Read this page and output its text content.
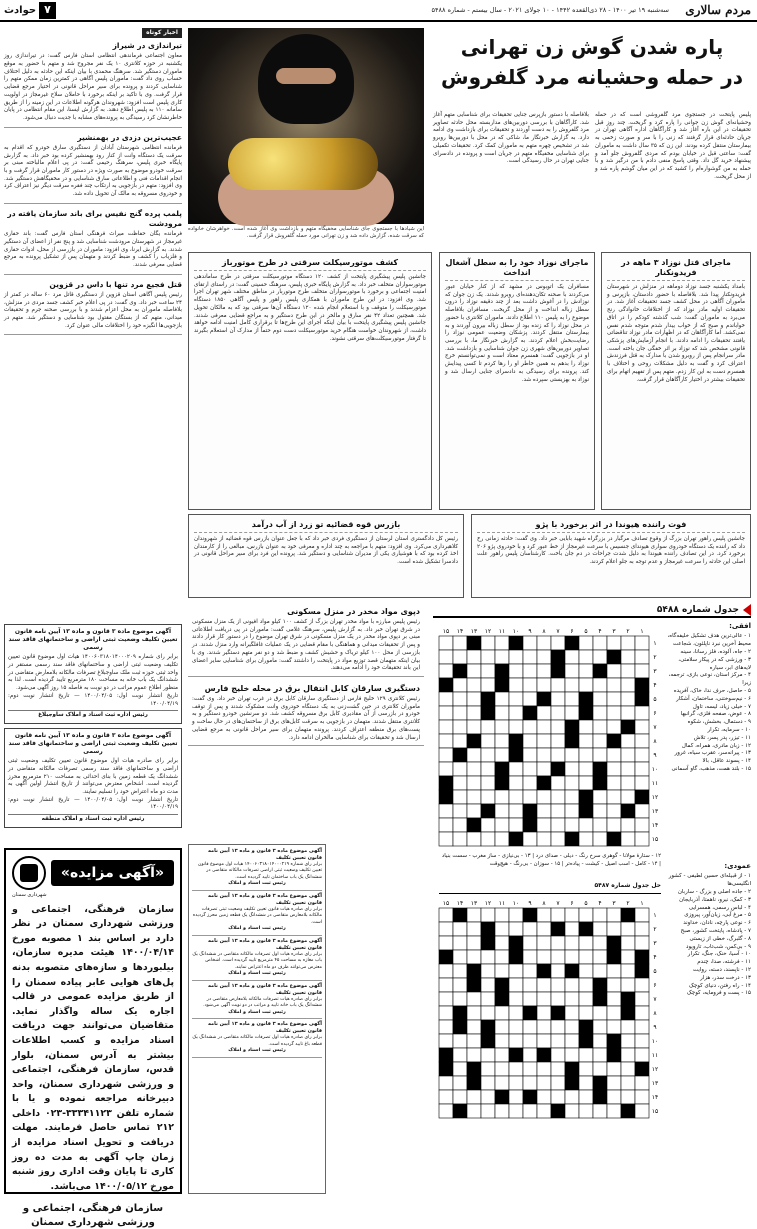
مردم سالاری
سه‌شنبه ۱۹ تیر ۱۴۰۰ - ۲۸ ذی‌القعده ۱۴۴۲ - ۱۰ جولای ۲۰۲۱ - سال بیستم - شماره ۵۴۸۸
۷
حوادث
اخبار کوتاه
تیراندازی در شیراز

معاون اجتماعی فرماندهی انتظامی استان فارس گفت: در تیراندازی روز یکشنبه در حوزه کلانتری ۱۰ یک نفر مجروح شد و متهم با حضور به موقع ماموران دستگیر شد. سرهنگ محمدی با بیان اینکه این حادثه به دلیل اختلاف حساب روی داد گفت: ماموران پلیس آگاهی در کمترین زمان ممکن متهم را شناسایی کردند و پرونده برای سیر مراحل قانونی در اختیار مرجع قضایی قرار گرفت. وی با تاکید بر اینکه برخورد با حاملان سلاح غیرمجاز در اولویت کاری پلیس است افزود: شهروندان هرگونه اطلاعات در این زمینه را از طریق سامانه ۱۱۰ به پلیس اطلاع دهند. به گزارش ایسنا، این مقام انتظامی در پایان خاطرنشان کرد رسیدگی به پرونده‌های مشابه با جدیت دنبال می‌شود.

عجیب‌ترین دزدی در بهمنشیر

فرمانده انتظامی شهرستان آبادان از دستگیری سارق خودرو که اقدام به سرقت یک دستگاه وانت از کنار رود بهمنشیر کرده بود خبر داد. به گزارش پایگاه خبری پلیس، سرهنگ رحیمی گفت: در پی اعلام مالباخته مبنی بر سرقت خودرو موضوع به صورت ویژه در دستور کار ماموران قرار گرفت و با انجام اقدامات فنی و اطلاعاتی سارق شناسایی و در مخفیگاهش دستگیر شد. وی افزود: متهم در بازجویی به ارتکاب چند فقره سرقت دیگر نیز اعتراف کرد و خودروی مسروقه به مالک آن تحویل داده شد.

پلمب پرده گنج نفیس برای باند سازمان یافته در مرودشت

فرمانده یگان حفاظت میراث فرهنگی استان فارس گفت: باند حفاری غیرمجاز در شهرستان مرودشت شناسایی شد و پنج نفر از اعضای آن دستگیر شدند. به گزارش ایرنا، وی افزود: ماموران در بازرسی از محل، ادوات حفاری و فلزیاب را کشف و ضبط کردند و متهمان پس از تشکیل پرونده به مرجع قضایی معرفی شدند.

قتل فجیع مرد تنها با داس در قزوین

رئیس پلیس آگاهی استان قزوین از دستگیری قاتل مرد ۶۰ ساله در کمتر از ۲۴ ساعت خبر داد. وی گفت: در پی اعلام خبر کشف جسد مردی در منزلش، بلافاصله ماموران به محل اعزام شدند و با بررسی صحنه جرم و تحقیقات میدانی، متهم که از بستگان مقتول بود شناسایی و دستگیر شد. متهم در بازجویی‌ها انگیزه خود را اختلافات مالی عنوان کرد.

آگهی موضوع ماده ۳ قانون و ماده ۱۳ آیین نامه قانون تعیین تکلیف وضعیت ثبتی اراضی و ساختمانهای فاقد سند رسمی

برابر رای شماره ۱۴۰۰۶۰۳۱۸۰۱۴۰۰۰۲۰۹ هیات اول موضوع قانون تعیین تکلیف وضعیت ثبتی اراضی و ساختمانهای فاقد سند رسمی مستقر در واحد ثبتی حوزه ثبت ملک ساوجبلاغ تصرفات مالکانه بلامعارض متقاضی در ششدانگ یک باب خانه به مساحت ۱۸۰ مترمربع تایید گردیده است. لذا به منظور اطلاع عموم مراتب در دو نوبت به فاصله ۱۵ روز آگهی می‌شود.

تاریخ انتشار نوبت اول: ۱۴۰۰/۰۴/۰۵ — تاریخ انتشار نوبت دوم: ۱۴۰۰/۰۴/۱۹

رئیس اداره ثبت اسناد و املاک ساوجبلاغ
آگهی موضوع ماده ۳ قانون و ماده ۱۳ آیین نامه قانون تعیین تکلیف وضعیت ثبتی اراضی و ساختمانهای فاقد سند رسمی

برابر رای صادره هیات اول موضوع قانون تعیین تکلیف وضعیت ثبتی اراضی و ساختمانهای فاقد سند رسمی تصرفات مالکانه متقاضی در ششدانگ یک قطعه زمین با بنای احداثی به مساحت ۲۱۰ مترمربع محرز گردیده است. اشخاص معترض می‌توانند از تاریخ انتشار اولین آگهی به مدت دو ماه اعتراض خود را تسلیم نمایند.

تاریخ انتشار نوبت اول: ۱۴۰۰/۰۴/۰۵ — تاریخ انتشار نوبت دوم: ۱۴۰۰/۰۴/۱۹

رئیس اداره ثبت اسناد و املاک منطقه
«آگهی مزایده»
شهرداری سمنان

سازمان فرهنگی، اجتماعی و ورزشی شهرداری سمنان در نظر دارد بر اساس بند ۱ مصوبه مورخ ۱۴۰۰/۰۴/۱۴ هیئت مدیره سازمان، بیلبوردها و سازه‌های متصوبه بدنه پل‌های هوایی عابر پیاده سمنان را از طریق مزایده عمومی در قالب اجاره یک ساله واگذار نماید. متقاضیان می‌توانند جهت دریافت اسناد مزایده و کسب اطلاعات بیشتر به آدرس سمنان، بلوار قدس، سازمان فرهنگی، اجتماعی و ورزشی شهرداری سمنان، واحد دبیرخانه مراجعه نموده و یا با شماره تلفن ۳۳۳۴۱۱۲۳-۰۲۳ داخلی ۲۱۲ تماس حاصل فرمایند. مهلت دریافت و تحویل اسناد مزایده از زمان چاپ آگهی به مدت ده روز کاری تا پایان وقت اداری روز شنبه مورخ ۱۴۰۰/۰۵/۱۲ می‌باشد.

سازمان فرهنگی، اجتماعی و ورزشی شهرداری سمنان
پاره شدن گوش زن تهرانی
در حمله وحشیانه مرد گلفروش

این شیادها با جستجوی جای شناسایی مخفیگاه متهم و بازداشت وی آغاز شده است. خواهرشان خانواده که سرقت شده، گزارش داده شد و زن تهرانی مورد حمله گلفروش قرار گرفت.

پلیس پایتخت در جستجوی مرد گلفروشی است که در حمله وحشیانه‌ای گوش زن جوانی را پاره کرد و گریخت. چند روز قبل تحقیقات در این باره آغاز شد و کارآگاهان اداره آگاهی تهران در جریان حادثه‌ای قرار گرفتند که زنی را با سر و صورت زخمی به بیمارستان منتقل کرده بودند. این زن که ۳۵ سال داشت به ماموران گفت: ساعتی قبل در خیابان بودم که مردی گلفروش جلو آمد و پیشنهاد خرید گل داد. وقتی پاسخ منفی دادم با من درگیر شد و با حمله به من گوشواره‌ام را کشید که در این میان گوشم پاره شد و از محل گریخت.

بلافاصله با دستور بازپرس جنایی تحقیقات برای شناسایی متهم آغاز شد. کارآگاهان با بررسی دوربین‌های مداربسته محل حادثه تصاویر مرد گلفروش را به دست آوردند و تحقیقات برای بازداشت وی ادامه دارد. به گزارش خبرنگار ما، شاکی که در محل با دوربین‌ها روبرو شد در تشخیص چهره متهم به ماموران کمک کرد. تحقیقات تکمیلی برای شناسایی مخفیگاه متهم در جریان است و پرونده در دادسرای جنایی تهران در حال رسیدگی است.

ماجرای قتل نوزاد ۳ ماهه در فریدونکنار

بامداد یکشنبه جسد نوزاد دوماهه در منزلش در شهرستان فریدونکنار پیدا شد. بلافاصله با حضور دادستان، بازپرس و ماموران آگاهی در محل کشف جسد تحقیقات آغاز شد. در تحقیقات اولیه مادر نوزاد که از اختلافات خانوادگی رنج می‌برد به ماموران گفت: شب گذشته کودکم را در اتاق خواباندم و صبح که از خواب بیدار شدم متوجه شدم نفس نمی‌کشد. اما کارآگاهان که در اظهارات مادر نوزاد تناقضاتی یافتند تحقیقات را ادامه دادند. با انجام آزمایش‌های پزشکی قانونی مشخص شد که نوزاد بر اثر خفگی جان باخته است. مادر سرانجام پس از روبرو شدن با مدارک به قتل فرزندش اعتراف کرد و گفت به دلیل مشکلات روحی و اختلاف با همسرم دست به این کار زدم. متهم پس از تفهیم اتهام برای تحقیقات بیشتر در اختیار کارآگاهان قرار گرفت.

ماجرای نوزاد خود را به سطل آشغال انداخت

مسافران یک اتوبوس در مشهد که از کنار خیابان عبور می‌کردند با صحنه تکان‌دهنده‌ای روبرو شدند. یک زن جوان که نوزادش را در آغوش داشت بعد از چند دقیقه نوزاد را درون سطل زباله انداخت و از محل گریخت. مسافران بلافاصله موضوع را به پلیس ۱۱۰ اطلاع دادند. ماموران کلانتری با حضور در محل نوزاد را که زنده بود از سطل زباله بیرون آوردند و به بیمارستان منتقل کردند. پزشکان وضعیت عمومی نوزاد را رضایت‌بخش اعلام کردند. به گزارش خبرنگار ما، با بررسی تصاویر دوربین‌های شهری زن جوان شناسایی و بازداشت شد. او در بازجویی گفت: همسرم معتاد است و نمی‌توانستم خرج نوزاد را بدهم به همین خاطر او را رها کردم تا کسی پیدایش کند. پرونده برای رسیدگی به دادسرای جنایی ارسال شد و نوزاد به بهزیستی سپرده شد.

کشف موتورسیکلت سرقتی در طرح موتورباز

جانشین پلیس پیشگیری پایتخت از کشف ۱۲۰ دستگاه موتورسیکلت سرقتی در طرح ساماندهی موتورسواران متخلف خبر داد. به گزارش پایگاه خبری پلیس، سرهنگ حسینی گفت: در راستای ارتقای امنیت اجتماعی و برخورد با موتورسواران متخلف طرح موتوربار در مناطق مختلف شهر تهران اجرا شد. وی افزود: در این طرح ماموران با همکاری پلیس راهور و پلیس آگاهی ۱۸۵۰ دستگاه موتورسیکلت را متوقف و با استعلام انجام شده ۱۲۰ دستگاه آن‌ها سرقتی بود که به مالکان تحویل شد. همچنین تعداد ۴۲ نفر سارق و مالخر در این طرح دستگیر و به مراجع قضایی معرفی شدند. جانشین پلیس پیشگیری پایتخت با بیان اینکه اجرای این طرح‌ها تا برقراری کامل امنیت ادامه خواهد داشت، از شهروندان خواست هنگام خرید موتورسیکلت دست دوم حتماً از مدارک آن استعلام بگیرند تا گرفتار موتورسیکلت‌های سرقتی نشوند.

فوت راننده هیوندا در اثر برخورد با پژو

جانشین پلیس راهور تهران بزرگ از وقوع تصادف مرگبار در بزرگراه شهید بابایی خبر داد. وی گفت: حادثه زمانی رخ داد که راننده یک دستگاه خودروی سواری هیوندای جنسیس با سرعت غیرمجاز از خط عبور کرد و با خودروی پژو ۲۰۶ برخورد کرد. در این تصادف راننده هیوندا به دلیل شدت جراحات در دم جان باخت. کارشناسان پلیس راهور علت اصلی این حادثه را سرعت غیرمجاز و عدم توجه به جلو اعلام کردند.

بازرس قوه قضائیه تو زرد از آب درآمد

رئیس کل دادگستری استان لرستان از دستگیری فردی خبر داد که با جعل عنوان بازرس قوه قضائیه از شهروندان کلاهبرداری می‌کرد. وی افزود: متهم با مراجعه به چند اداره و معرفی خود به عنوان بازرس، مبالغی را از کارمندان اخذ کرده بود که با هوشیاری یکی از مدیران شناسایی و دستگیر شد. پرونده این فرد برای سیر مراحل قانونی در دادسرا تشکیل شده است.

دپوی مواد مخدر در منزل مسکونی

رئیس پلیس مبارزه با مواد مخدر تهران بزرگ از کشف ۱۰۰ کیلو مواد افیونی از یک منزل مسکونی در شرق تهران خبر داد. به گزارش پلیس، سرهنگ غلامی گفت: ماموران در پی دریافت اطلاعاتی مبنی بر دپوی مواد مخدر در یک منزل مسکونی در شرق تهران موضوع را در دستور کار قرار دادند و پس از تحقیقات میدانی و هماهنگی با مقام قضایی در یک عملیات غافلگیرانه وارد منزل شدند. در بازرسی از محل ۱۰۰ کیلو تریاک و حشیش کشف و ضبط شد و دو نفر متهم دستگیر شدند. وی با بیان اینکه متهمان قصد توزیع مواد در پایتخت را داشتند گفت: ماموران برای شناسایی سایر اعضای این باند تحقیقات خود را ادامه می‌دهند.

دستگیری سارقان کابل انتقال برق در محله خلیج فارس

رئیس کلانتری ۱۲۹ خلیج فارس از دستگیری سارقان کابل برق در غرب تهران خبر داد. وی گفت: ماموران کلانتری در حین گشت‌زنی به یک دستگاه خودروی وانت مشکوک شدند و پس از توقف خودرو در بازرسی از آن مقادیری کابل برق مسروقه کشف شد. دو سرنشین خودرو دستگیر و به کلانتری منتقل شدند. متهمان در بازجویی به سرقت کابل‌های برق از ساختمان‌های در حال ساخت و پست‌های برق منطقه اعتراف کردند. پرونده متهمان برای سیر مراحل قانونی به مرجع قضایی ارسال شد و تحقیقات برای شناسایی مالخران ادامه دارد.

آگهی موضوع ماده ۳ قانون و ماده ۱۳ آیین نامه قانون تعیین تکلیف
برابر رای شماره ۱۴۰۰۶۰۳۱۸۰۱۴۰۰۰۲۱۹ هیات اول موضوع قانون تعیین تکلیف وضعیت ثبتی اراضی تصرفات مالکانه متقاضی در ششدانگ یک باب ساختمان تایید گردیده است.
رئیس ثبت اسناد و املاک
آگهی موضوع ماده ۳ قانون و ماده ۱۳ آیین نامه قانون تعیین تکلیف
برابر رای صادره هیات قانون تعیین تکلیف وضعیت ثبتی تصرفات مالکانه بلامعارض متقاضی در ششدانگ یک قطعه زمین محرز گردیده است.
رئیس ثبت اسناد و املاک
آگهی موضوع ماده ۳ قانون و ماده ۱۳ آیین نامه قانون تعیین تکلیف
برابر رای صادره هیات اول تصرفات مالکانه متقاضی در ششدانگ یک باب مغازه به مساحت ۴۵ مترمربع تایید گردیده است. اشخاص معترض می‌توانند ظرف دو ماه اعتراض نمایند.
رئیس ثبت اسناد و املاک
آگهی موضوع ماده ۳ قانون و ماده ۱۳ آیین نامه قانون تعیین تکلیف
برابر رای صادره هیات تصرفات مالکانه بلامعارض متقاضی در ششدانگ یک باب خانه تایید و مراتب در دو نوبت آگهی می‌شود.
رئیس ثبت اسناد و املاک
آگهی موضوع ماده ۳ قانون و ماده ۱۳ آیین نامه قانون تعیین تکلیف
برابر رای صادره هیات اول تصرفات مالکانه متقاضی در ششدانگ یک قطعه باغ تایید گردیده است.
رئیس ثبت اسناد و املاک
جدول شماره ۵۴۸۸
افقی:
۱ - عالی‌ترین هدف تشکیل خلیفه‌گاه، محیط آخرین نبرد ناپلئون، شجاعت
۲ - جاه، آلوده، فلز رسانا، سینه
۳ - ورزشی که در پیکار سلامتی، لایه‌های ابر، سیاره
۴ - مرکز استان، نوعی بازی، ترجمه، زیرا
۵ - حاصل، حرف ندا، خاک، آفریده
۶ - نیم‌سوختنی، ساختمان، آشکار
۷ - خیلی زیاد، لیسه، تاول
۸ - عوض، صفحه فلزی، گرانبها
۹ - دستمال، بخشش، شکوه
۱۰ - سرمایه، تکرار
۱۱ - تیزر، پدر پسر، تلاش
۱۲ - زبان مادری، همراه، کمال
۱۳ - پیرانه‌سر، عقرب سیاه، غرور
۱۴ - پسوند عاقل، بالا
۱۵ - بلند همت، مذهب، گاو آسمانی
عمودی:
۱ - از قبیله‌ای حسین لطیفی - کشور انگلیسی‌ها
۲ - جاده اصلی و بزرگ - ساربان
۳ - کمک، نیرو، ناهمتا، آذربایجان
۴ - لباس رسمی، همسرایی
۵ - مرغ آبی، زیان‌آور، پیروزی
۶ - نوعی پارچه، نادان، خداوند
۷ - پادشاه، پایتخت کشور، صبح
۸ - گلبرگ، خطی از زیستی
۹ - بی‌کس، شب‌تاب، تاروپود
۱۰ - آسیا، خنک، جنگ، تکرار
۱۱ - فرشته، صدا، چندم
۱۲ - ناپسند، دسته، روایت
۱۳ - درخت سدر، هزار
۱۴ - راه رفتن، دنیای کوچک
۱۵ - پست و فرومایه، کوچک
۱۵ ۱۴ ۱۳ ۱۲ ۱۱ ۱۰ ۹ ۸ ۷ ۶ ۵ ۴ ۳ ۲ ۱
۱
۲
۳
۴
۵
۶
۷
۸
۹
۱۰
۱۱
۱۲
۱۳
۱۴
۱۵
۱۲ - ستارهٔ مولانا - گوهری سرخ رنگ - دیلی - صدای درد | ۱۳ - بی‌نیازی - ساز مغرب - سست بنیاد | ۱۴ - کامل - اسب اصیل - کیشت - پیاده‌تر | ۱۵ - سوزان - بی‌رنگ - هیچ‌وقت
حل جدول شماره ۵۴۸۷
۱۵ ۱۴ ۱۳ ۱۲ ۱۱ ۱۰ ۹ ۸ ۷ ۶ ۵ ۴ ۳ ۲ ۱
۱
۲
۳
۴
۵
۶
۷
۸
۹
۱۰
۱۱
۱۲
۱۳
۱۴
۱۵
